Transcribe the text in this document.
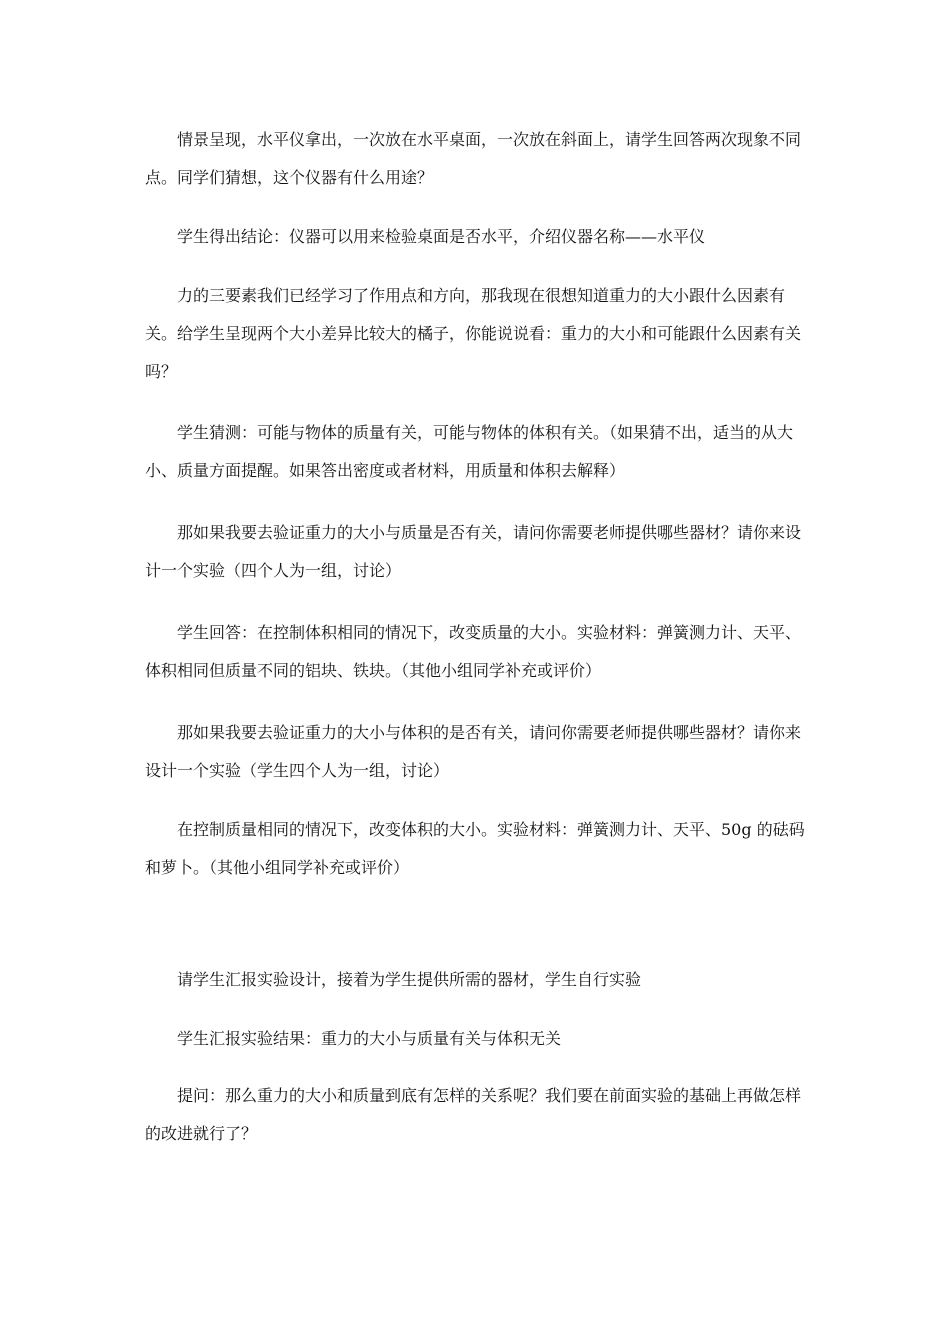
情景呈现，水平仪拿出，一次放在水平桌面，一次放在斜面上，请学生回答两次现象不同点。同学们猜想，这个仪器有什么用途？

学生得出结论：仪器可以用来检验桌面是否水平，介绍仪器名称——水平仪

力的三要素我们已经学习了作用点和方向，那我现在很想知道重力的大小跟什么因素有关。给学生呈现两个大小差异比较大的橘子，你能说说看：重力的大小和可能跟什么因素有关吗？

学生猜测：可能与物体的质量有关，可能与物体的体积有关。（如果猜不出，适当的从大小、质量方面提醒。如果答出密度或者材料，用质量和体积去解释）

那如果我要去验证重力的大小与质量是否有关，请问你需要老师提供哪些器材？请你来设计一个实验（四个人为一组，讨论）

学生回答：在控制体积相同的情况下，改变质量的大小。实验材料：弹簧测力计、天平、体积相同但质量不同的铝块、铁块。（其他小组同学补充或评价）

那如果我要去验证重力的大小与体积的是否有关，请问你需要老师提供哪些器材？请你来设计一个实验（学生四个人为一组，讨论）

在控制质量相同的情况下，改变体积的大小。实验材料：弹簧测力计、天平、50g 的砝码和萝卜。（其他小组同学补充或评价）

请学生汇报实验设计，接着为学生提供所需的器材，学生自行实验

学生汇报实验结果：重力的大小与质量有关与体积无关

提问：那么重力的大小和质量到底有怎样的关系呢？我们要在前面实验的基础上再做怎样的改进就行了？
